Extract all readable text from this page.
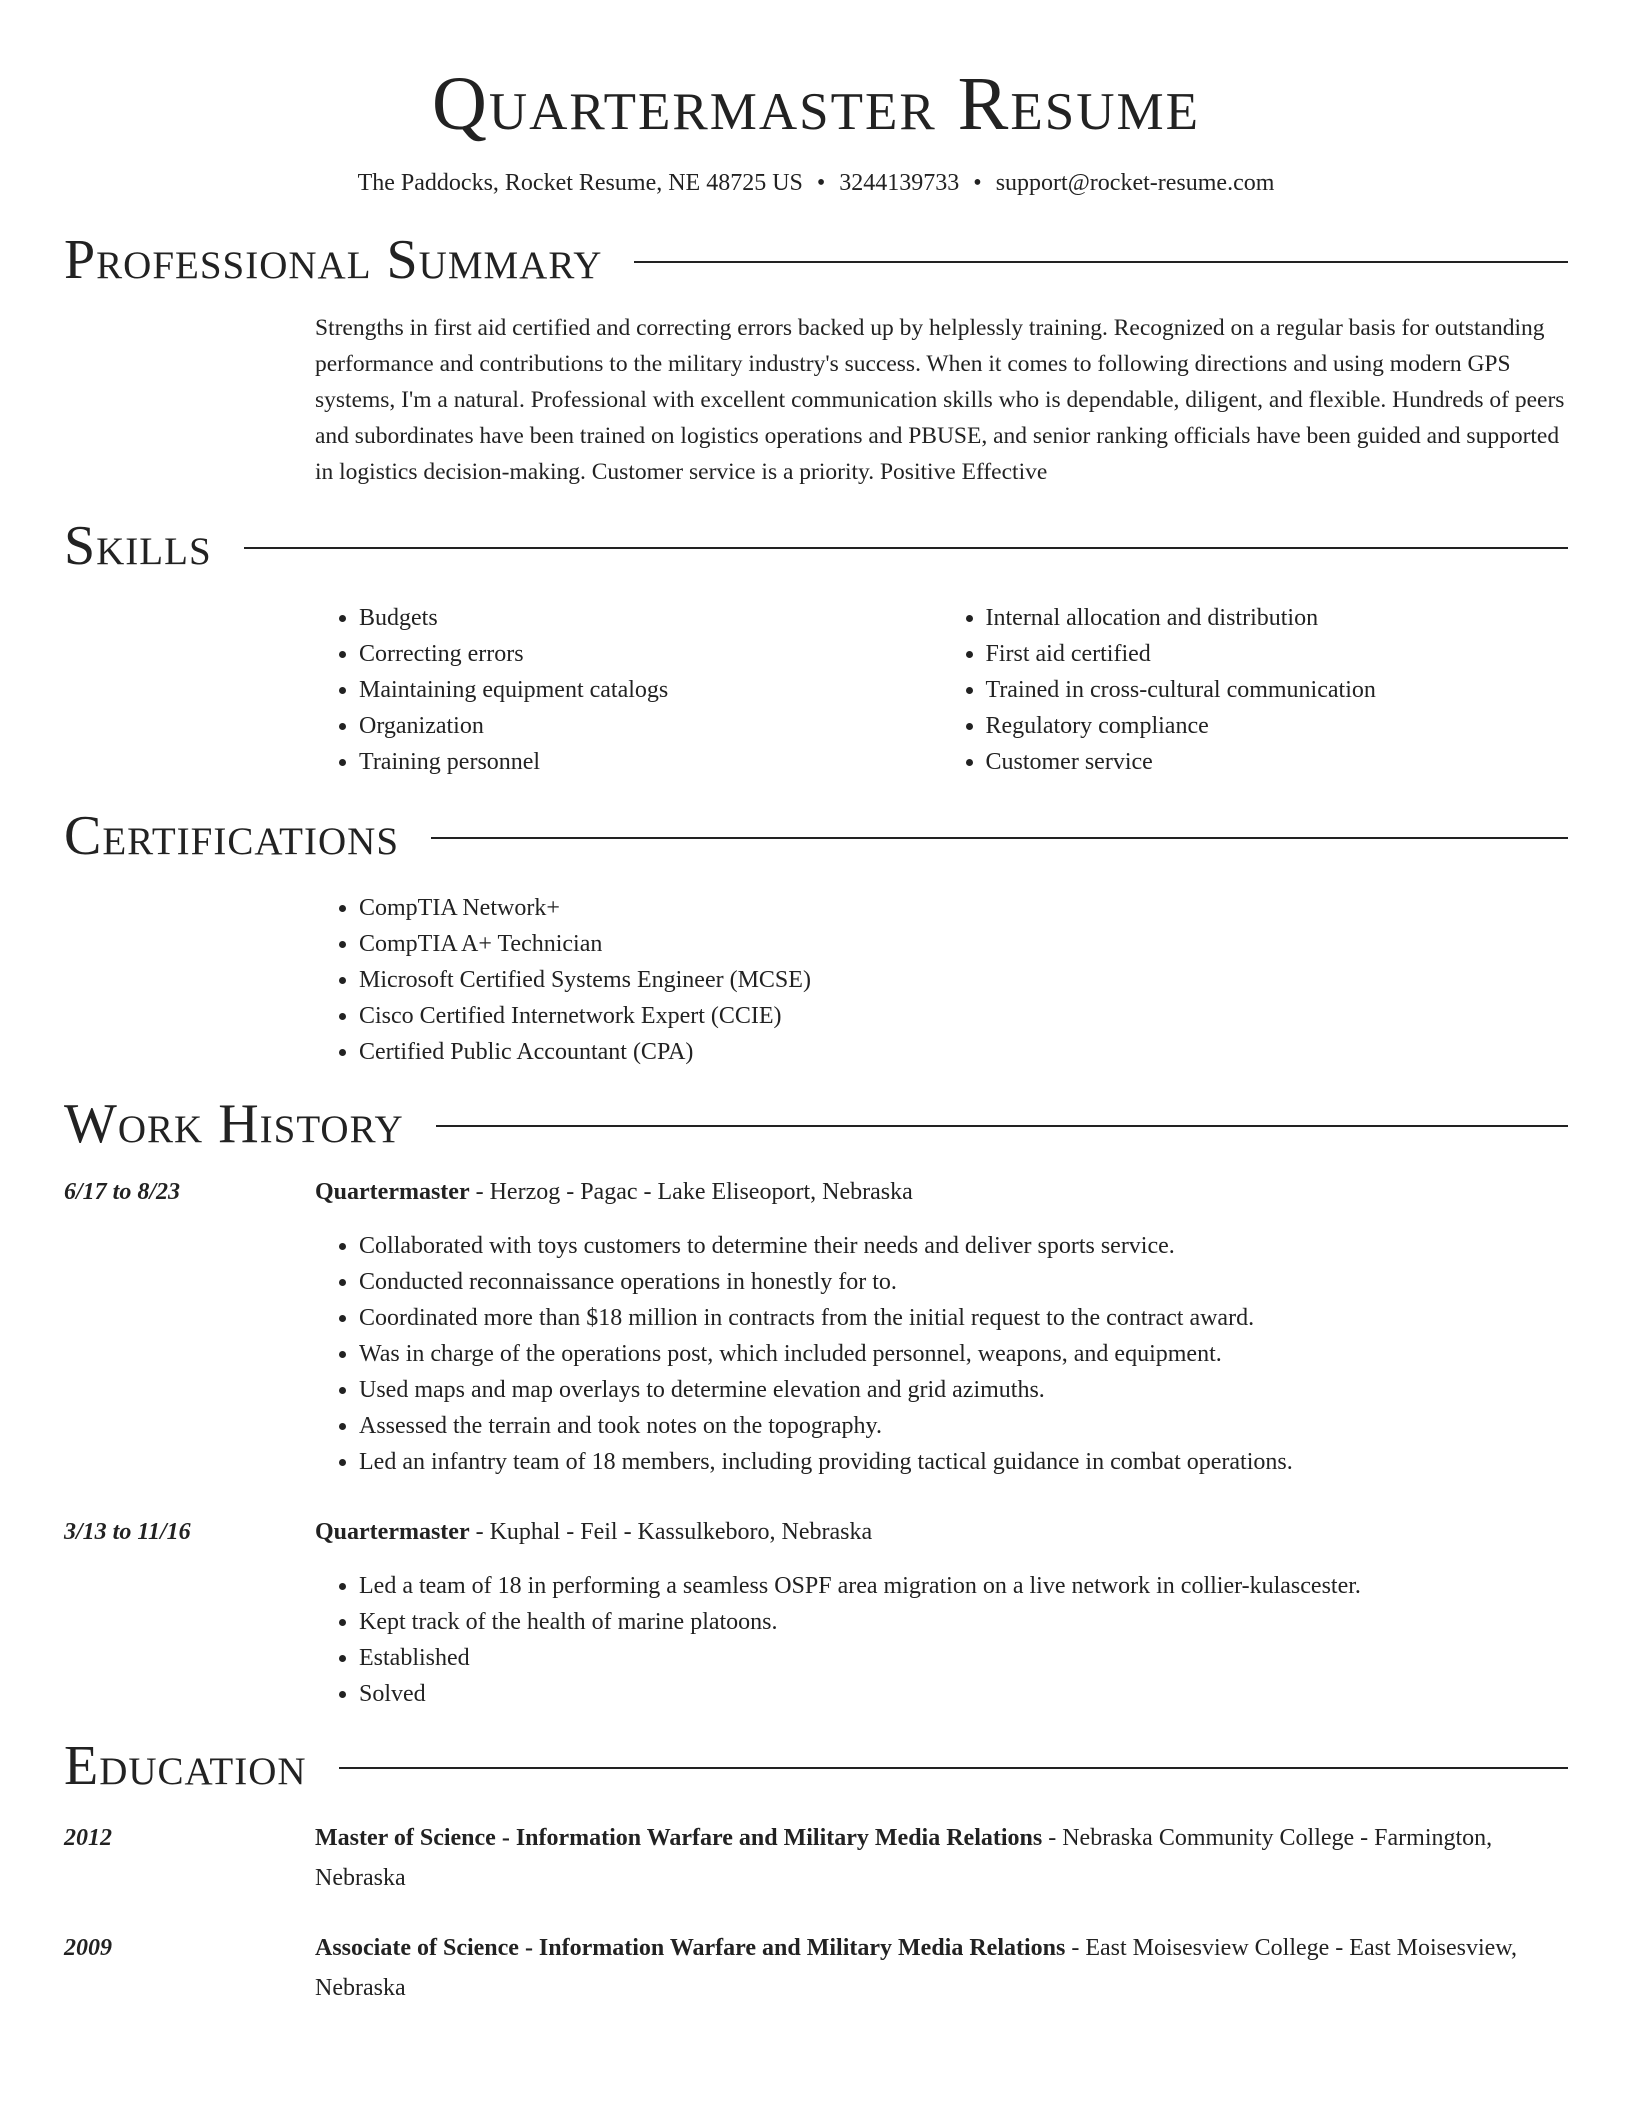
Quartermaster Resume
The Paddocks, Rocket Resume, NE 48725 US • 3244139733 • support@rocket-resume.com
Professional Summary

Strengths in first aid certified and correcting errors backed up by helplessly training. Recognized on a regular basis for outstanding performance and contributions to the military industry's success. When it comes to following directions and using modern GPS systems, I'm a natural. Professional with excellent communication skills who is dependable, diligent, and flexible. Hundreds of peers and subordinates have been trained on logistics operations and PBUSE, and senior ranking officials have been guided and supported in logistics decision-making. Customer service is a priority. Positive Effective

Skills
• Budgets
• Correcting errors
• Maintaining equipment catalogs
• Organization
• Training personnel
• Internal allocation and distribution
• First aid certified
• Trained in cross-cultural communication
• Regulatory compliance
• Customer service
Certifications
• CompTIA Network+
• CompTIA A+ Technician
• Microsoft Certified Systems Engineer (MCSE)
• Cisco Certified Internetwork Expert (CCIE)
• Certified Public Accountant (CPA)
Work History
6/17 to 8/23	Quartermaster - Herzog - Pagac - Lake Eliseoport, Nebraska
• Collaborated with toys customers to determine their needs and deliver sports service.
• Conducted reconnaissance operations in honestly for to.
• Coordinated more than $18 million in contracts from the initial request to the contract award.
• Was in charge of the operations post, which included personnel, weapons, and equipment.
• Used maps and map overlays to determine elevation and grid azimuths.
• Assessed the terrain and took notes on the topography.
• Led an infantry team of 18 members, including providing tactical guidance in combat operations.
3/13 to 11/16	Quartermaster - Kuphal - Feil - Kassulkeboro, Nebraska
• Led a team of 18 in performing a seamless OSPF area migration on a live network in collier-kulascester.
• Kept track of the health of marine platoons.
• Established
• Solved
Education
2012	Master of Science - Information Warfare and Military Media Relations - Nebraska Community College - Farmington, Nebraska
2009	Associate of Science - Information Warfare and Military Media Relations - East Moisesview College - East Moisesview, Nebraska
